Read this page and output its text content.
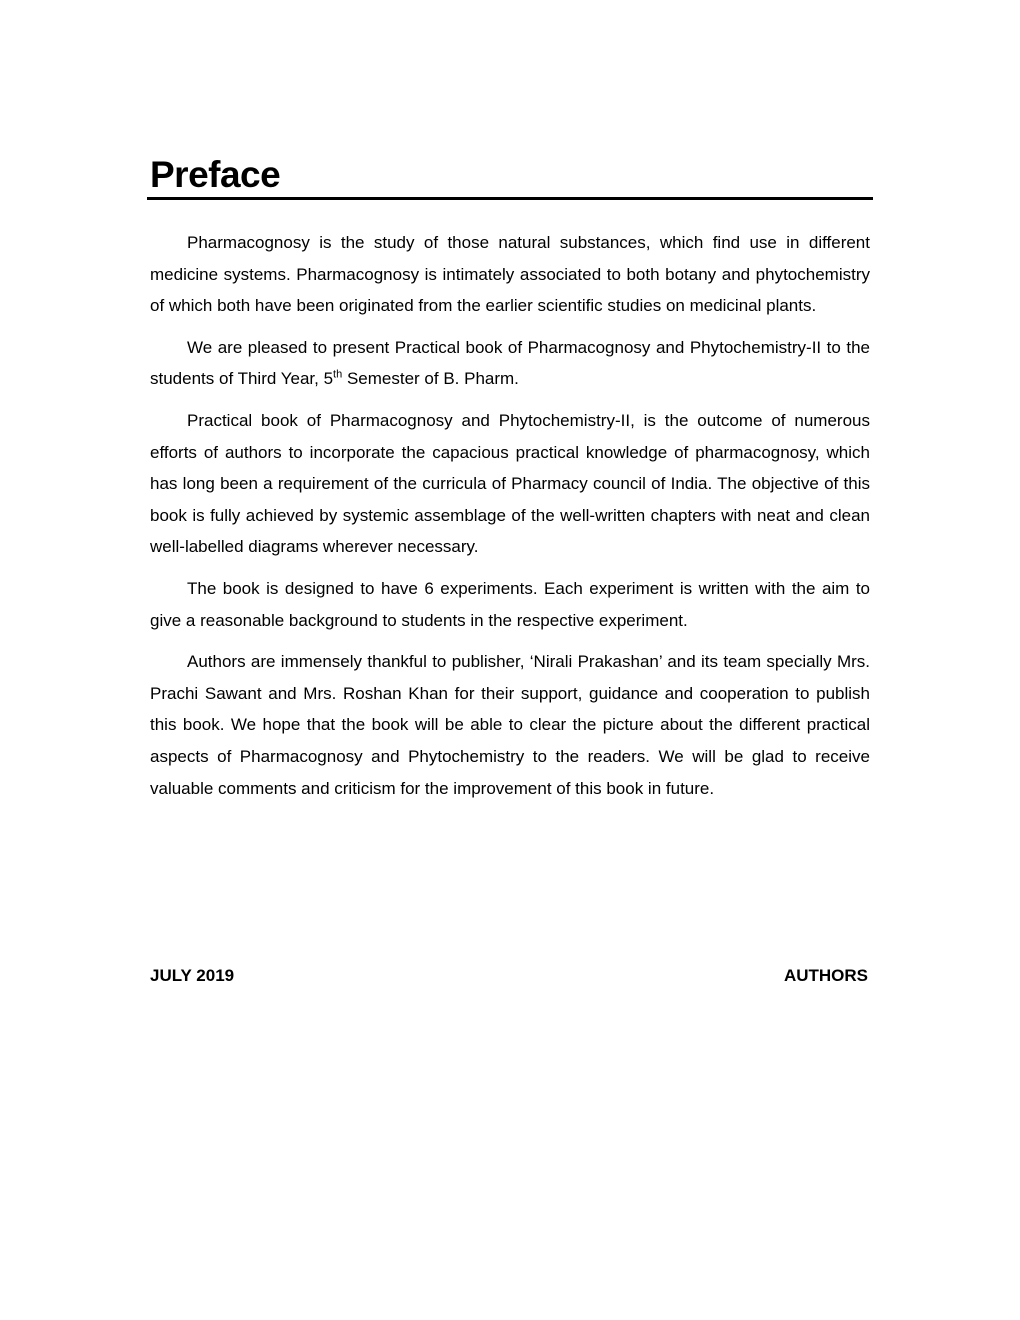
Preface

Pharmacognosy is the study of those natural substances, which find use in different medicine systems. Pharmacognosy is intimately associated to both botany and phytochemistry of which both have been originated from the earlier scientific studies on medicinal plants.

We are pleased to present Practical book of Pharmacognosy and Phytochemistry-II to the students of Third Year, 5th Semester of B. Pharm.

Practical book of Pharmacognosy and Phytochemistry-II, is the outcome of numerous efforts of authors to incorporate the capacious practical knowledge of pharmacognosy, which has long been a requirement of the curricula of Pharmacy council of India. The objective of this book is fully achieved by systemic assemblage of the well-written chapters with neat and clean well-labelled diagrams wherever necessary.

The book is designed to have 6 experiments. Each experiment is written with the aim to give a reasonable background to students in the respective experiment.

Authors are immensely thankful to publisher, ‘Nirali Prakashan’ and its team specially Mrs. Prachi Sawant and Mrs. Roshan Khan for their support, guidance and cooperation to publish this book. We hope that the book will be able to clear the picture about the different practical aspects of Pharmacognosy and Phytochemistry to the readers. We will be glad to receive valuable comments and criticism for the improvement of this book in future.

JULY 2019	AUTHORS
